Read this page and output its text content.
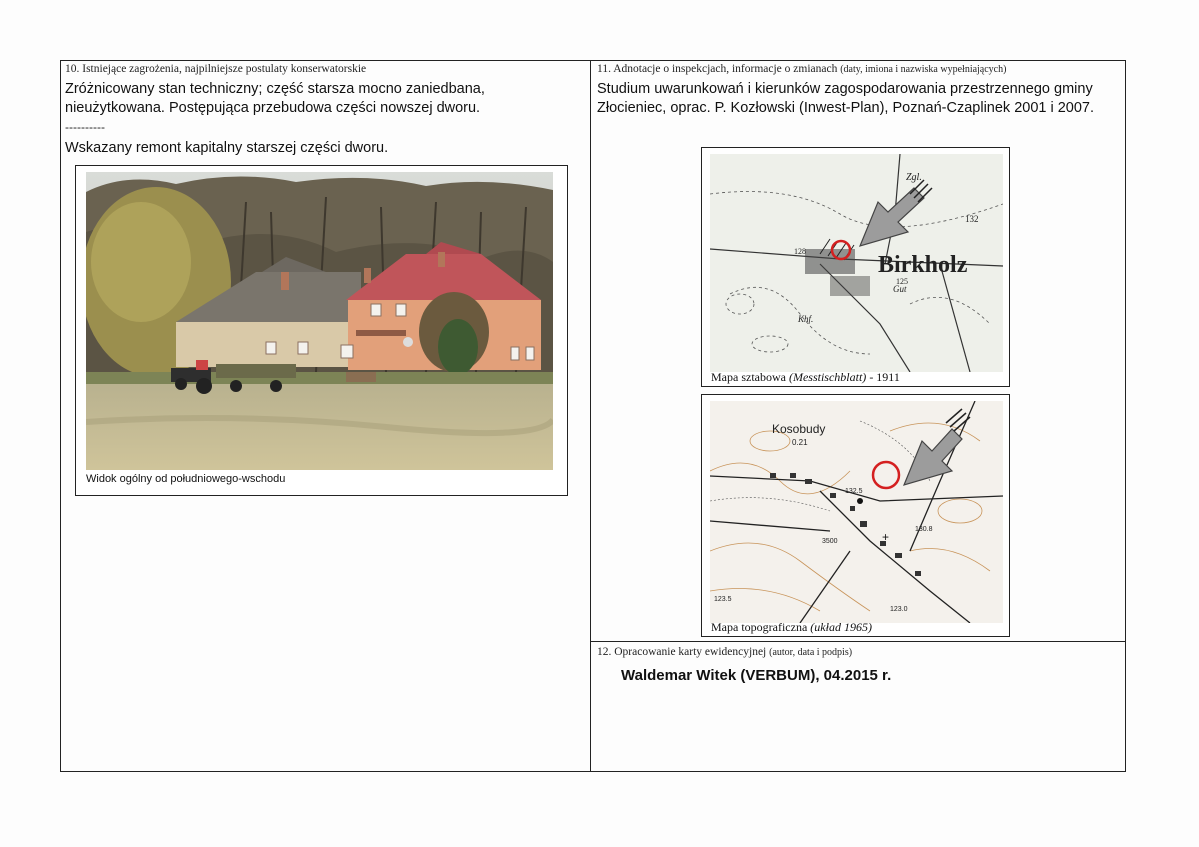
10. Istniejące zagrożenia, najpilniejsze postulaty konserwatorskie
Zróżnicowany stan techniczny; część starsza mocno zaniedbana,
nieużytkowana. Postępująca przebudowa części nowszej dworu.
----------
Wskazany remont kapitalny starszej części dworu.
Widok ogólny od południowego-wschodu
11. Adnotacje o inspekcjach, informacje o zmianach (daty, imiona i nazwiska wypełniających)
Studium uwarunkowań i kierunków zagospodarowania przestrzennego gminy
Złocieniec, oprac. P. Kozłowski (Inwest-Plan), Poznań-Czaplinek 2001 i 2007.
Birkholz
Zgl.
132
128
125
Gut
Khf.
Mapa sztabowa (Messtischblatt) - 1911
+
Kosobudy
0.21
132.5
130.8
3500
123.0
123.5
Mapa topograficzna (układ 1965)
12. Opracowanie karty ewidencyjnej (autor, data i podpis)
Waldemar Witek (VERBUM), 04.2015 r.
